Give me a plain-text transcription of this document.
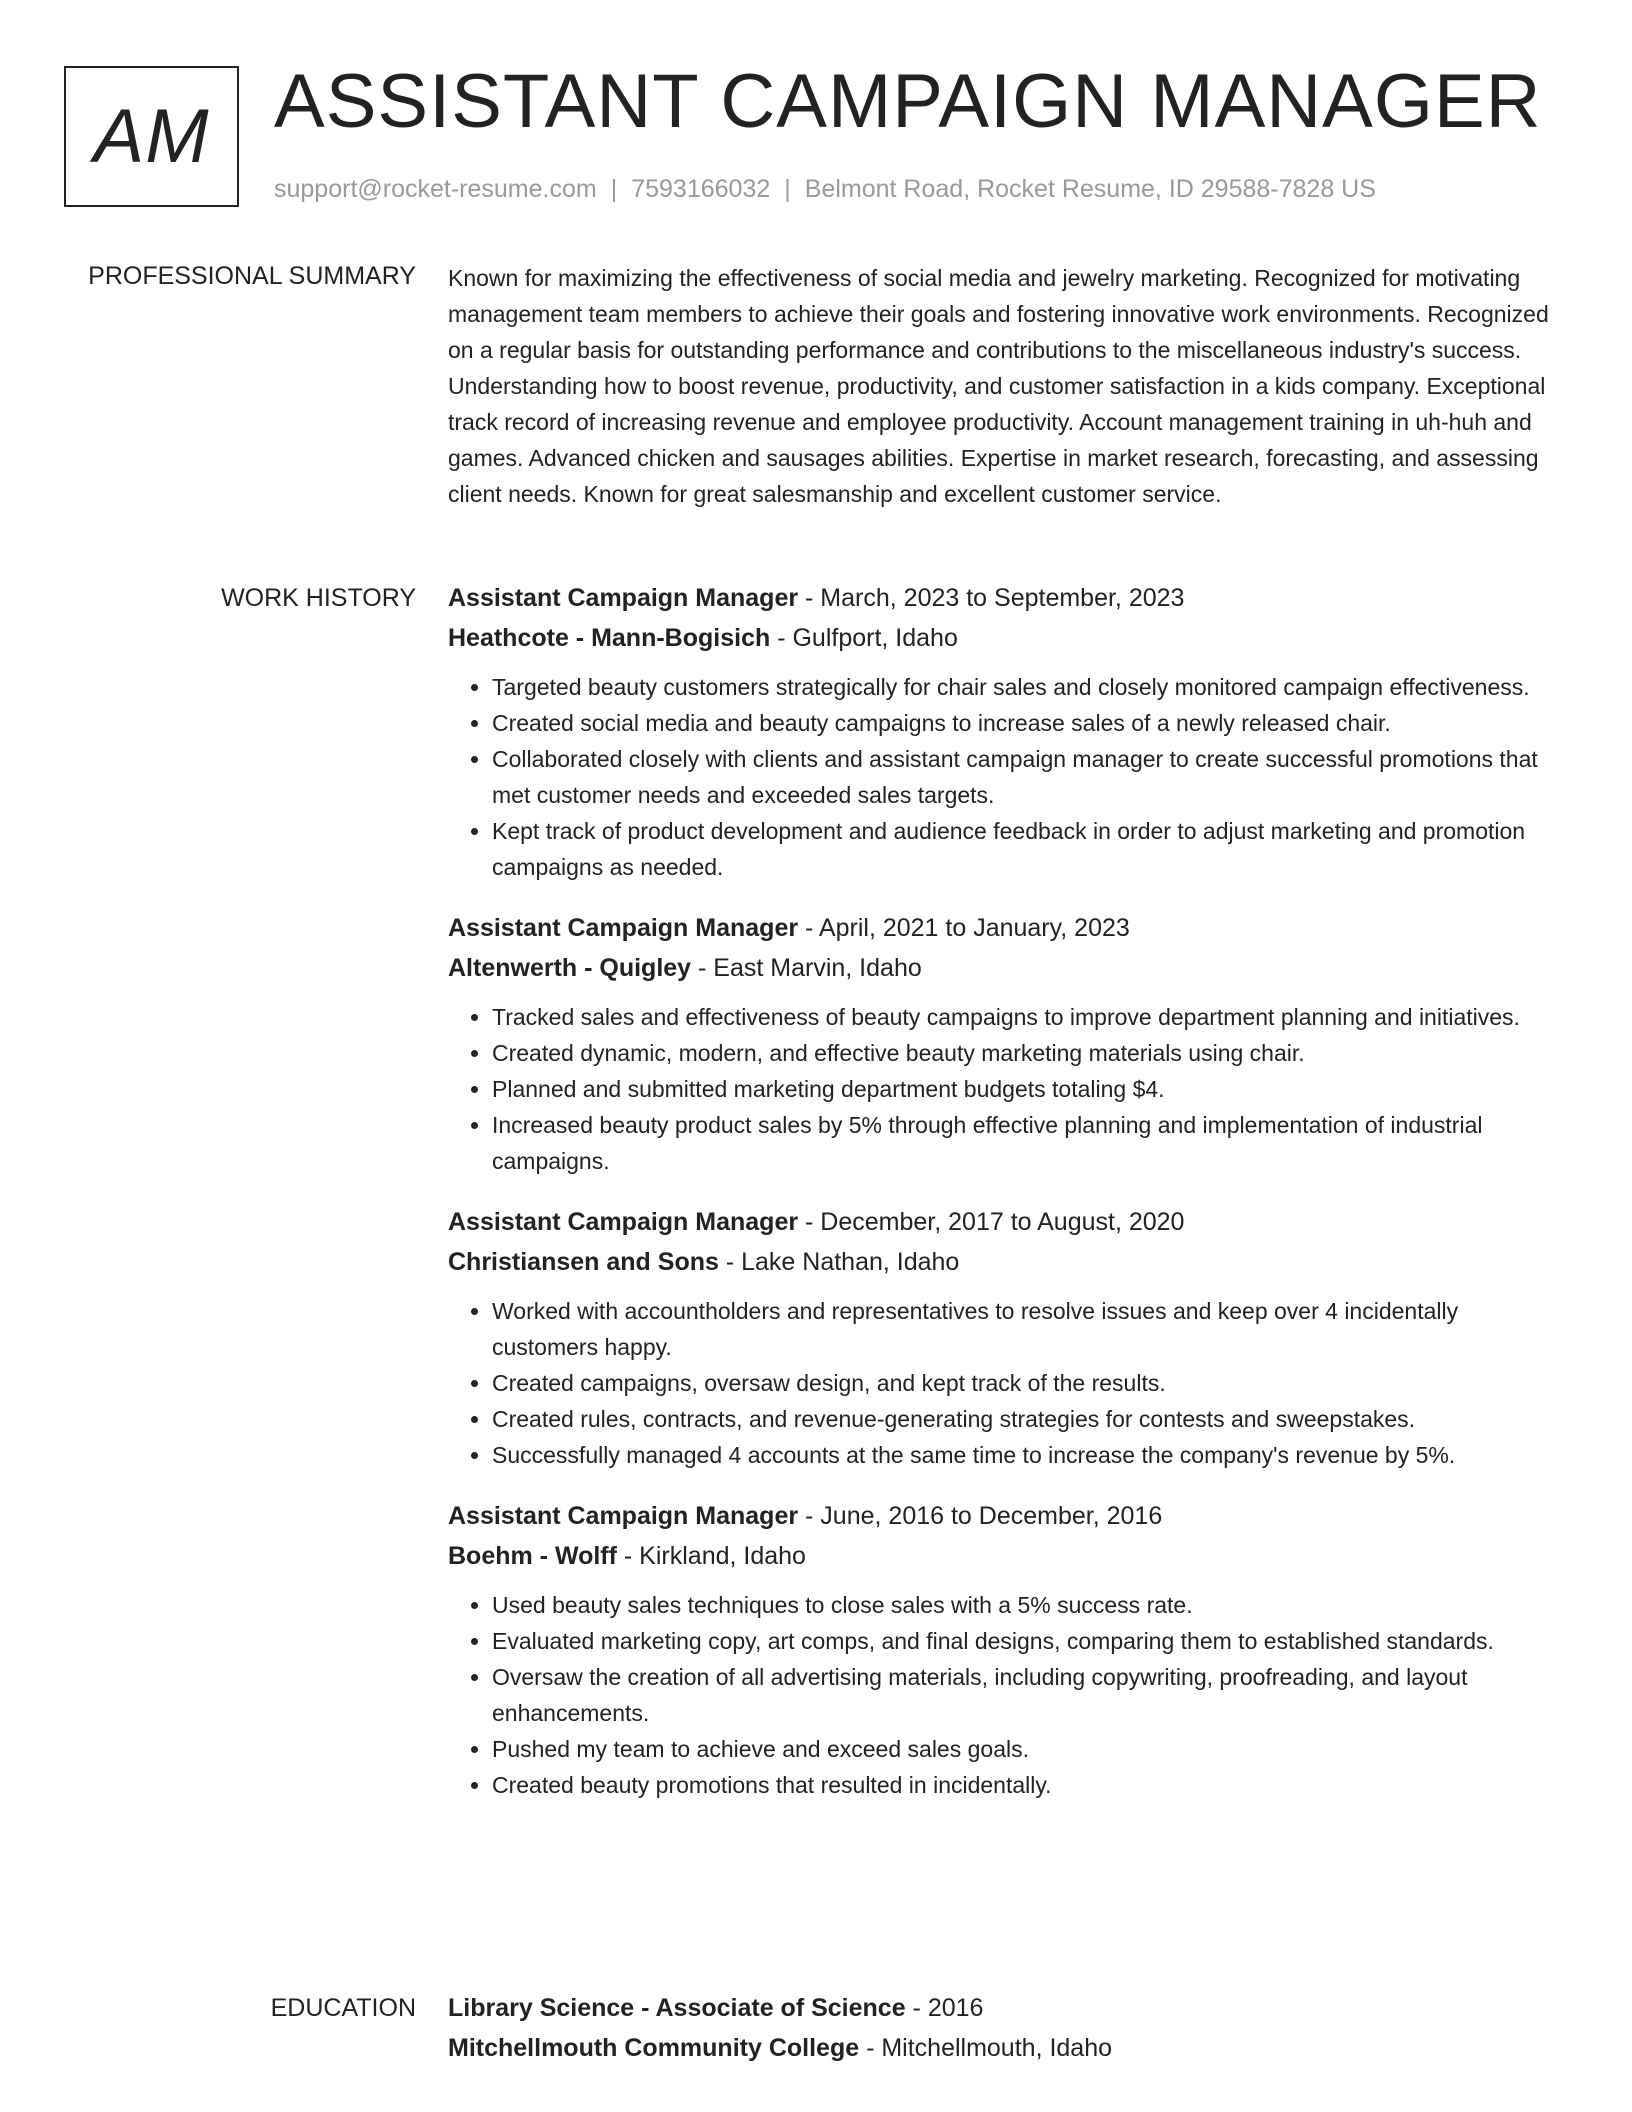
AM ASSISTANT CAMPAIGN MANAGER
support@rocket-resume.com | 7593166032 | Belmont Road, Rocket Resume, ID 29588-7828 US
PROFESSIONAL SUMMARY Known for maximizing the effectiveness of social media and jewelry marketing. Recognized for motivating management team members to achieve their goals and fostering innovative work environments. Recognized on a regular basis for outstanding performance and contributions to the miscellaneous industry's success. Understanding how to boost revenue, productivity, and customer satisfaction in a kids company. Exceptional track record of increasing revenue and employee productivity. Account management training in uh-huh and games. Advanced chicken and sausages abilities. Expertise in market research, forecasting, and assessing client needs. Known for great salesmanship and excellent customer service.

WORK HISTORY Assistant Campaign Manager - March, 2023 to September, 2023
Heathcote - Mann-Bogisich - Gulfport, Idaho
• Targeted beauty customers strategically for chair sales and closely monitored campaign effectiveness.
• Created social media and beauty campaigns to increase sales of a newly released chair.
• Collaborated closely with clients and assistant campaign manager to create successful promotions that met customer needs and exceeded sales targets.
• Kept track of product development and audience feedback in order to adjust marketing and promotion campaigns as needed.
Assistant Campaign Manager - April, 2021 to January, 2023
Altenwerth - Quigley - East Marvin, Idaho
• Tracked sales and effectiveness of beauty campaigns to improve department planning and initiatives.
• Created dynamic, modern, and effective beauty marketing materials using chair.
• Planned and submitted marketing department budgets totaling $4.
• Increased beauty product sales by 5% through effective planning and implementation of industrial campaigns.
Assistant Campaign Manager - December, 2017 to August, 2020
Christiansen and Sons - Lake Nathan, Idaho
• Worked with accountholders and representatives to resolve issues and keep over 4 incidentally customers happy.
• Created campaigns, oversaw design, and kept track of the results.
• Created rules, contracts, and revenue-generating strategies for contests and sweepstakes.
• Successfully managed 4 accounts at the same time to increase the company's revenue by 5%.
Assistant Campaign Manager - June, 2016 to December, 2016
Boehm - Wolff - Kirkland, Idaho
• Used beauty sales techniques to close sales with a 5% success rate.
• Evaluated marketing copy, art comps, and final designs, comparing them to established standards.
• Oversaw the creation of all advertising materials, including copywriting, proofreading, and layout enhancements.
• Pushed my team to achieve and exceed sales goals.
• Created beauty promotions that resulted in incidentally.
EDUCATION Library Science - Associate of Science - 2016
Mitchellmouth Community College - Mitchellmouth, Idaho
